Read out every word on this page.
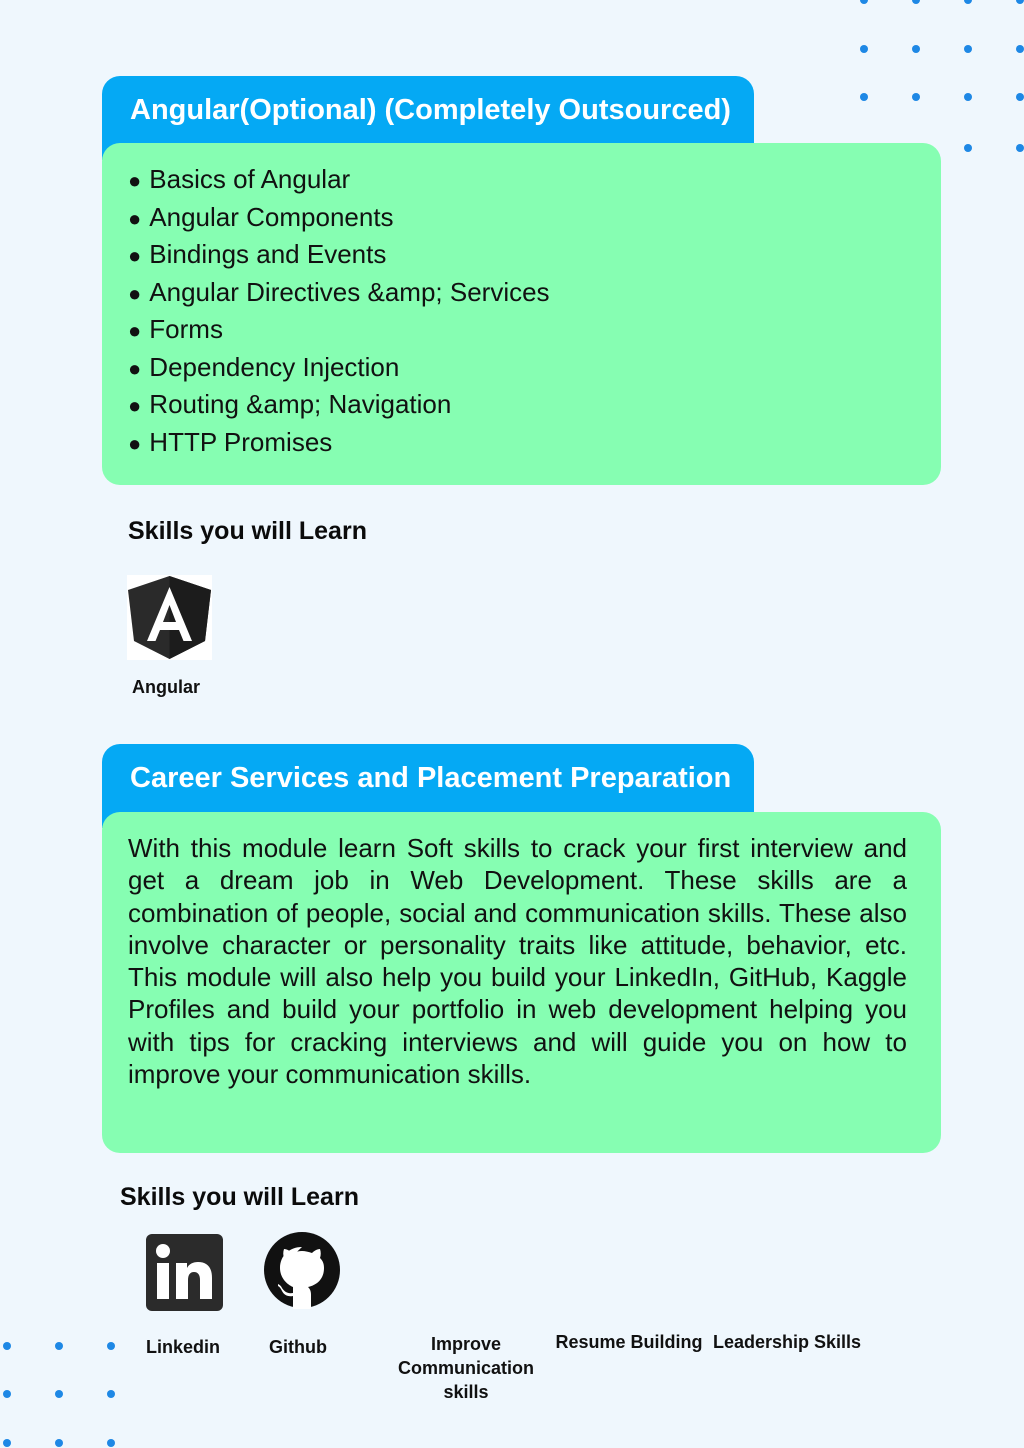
Angular(Optional) (Completely Outsourced)
● Basics of Angular
● Angular Components
● Bindings and Events
● Angular Directives &amp; Services
● Forms
● Dependency Injection
● Routing &amp; Navigation
● HTTP Promises
Skills you will Learn
Angular
Career Services and Placement Preparation

With this module learn Soft skills to crack your first interview and get a dream job in Web Development. These skills are a combination of people, social and communication skills. These also involve character or personality traits like attitude, behavior, etc. This module will also help you build your LinkedIn, GitHub, Kaggle Profiles and build your portfolio in web development helping you with tips for cracking interviews and will guide you on how to improve your communication skills.

Skills you will Learn
Linkedin	Github	Improve Communication skills
Resume Building Leadership Skills
